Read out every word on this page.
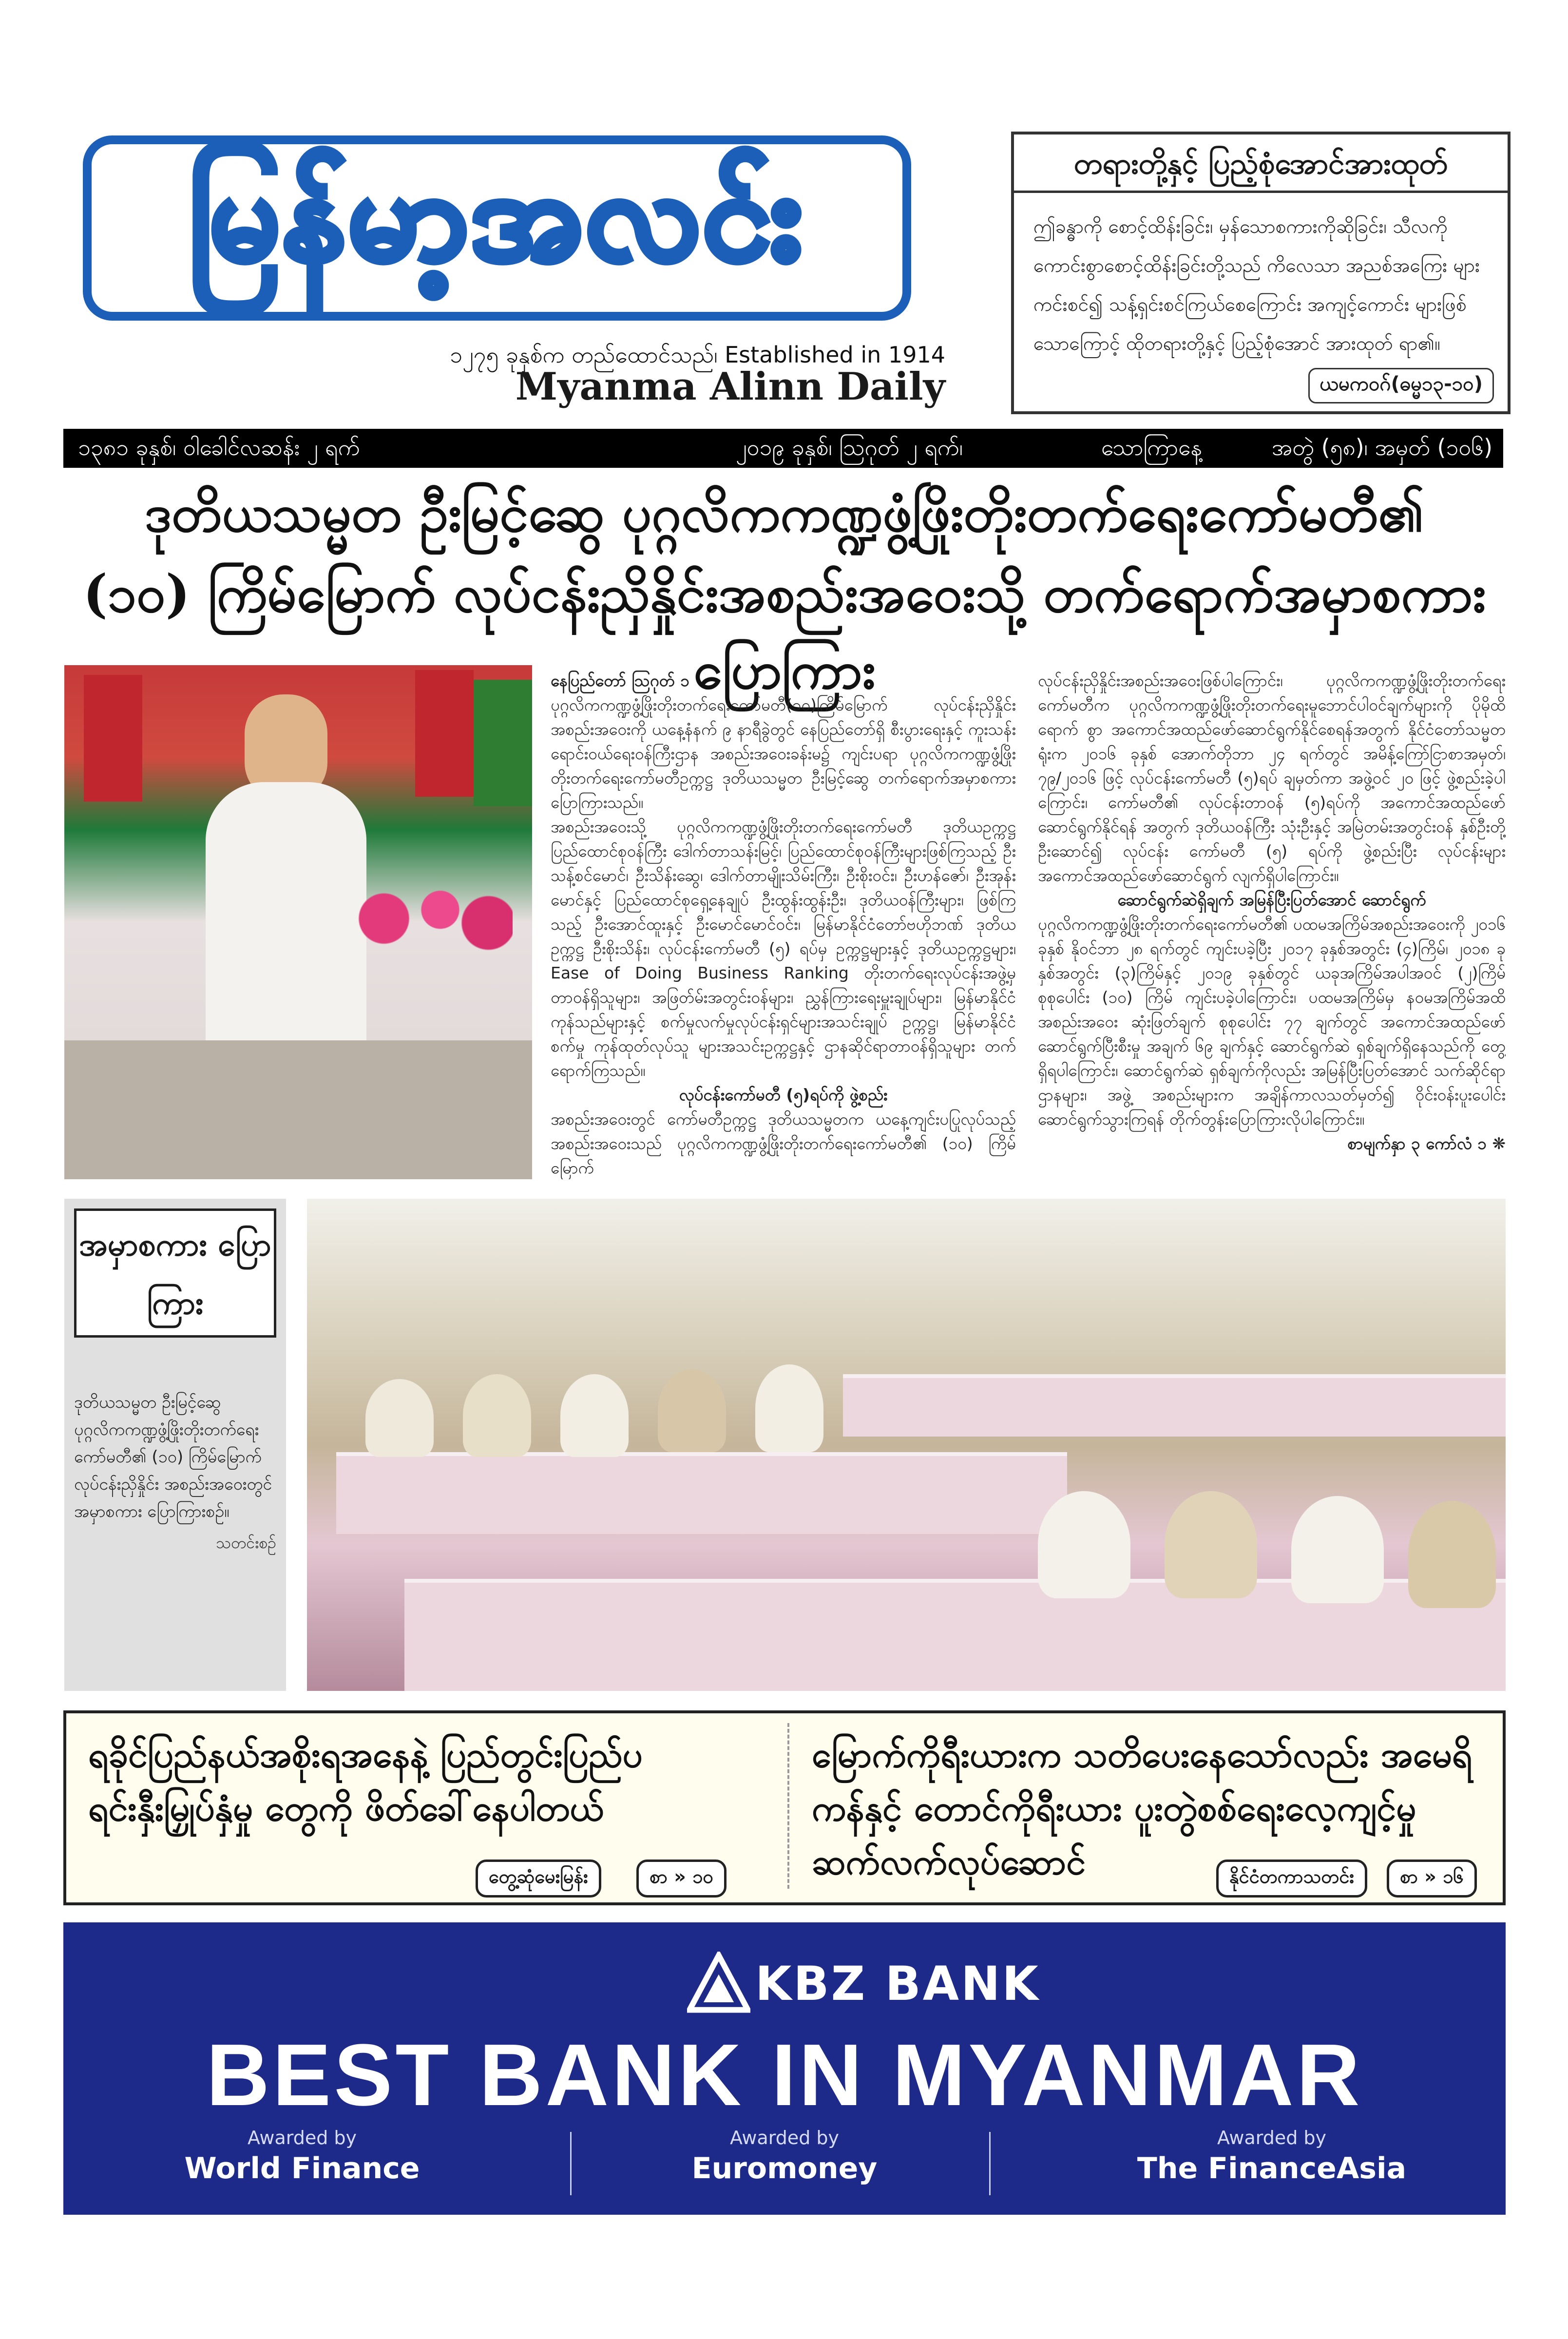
မြန်မာ့အလင်း
၁၂၇၅ ခုနှစ်က တည်ထောင်သည်၊ Established in 1914
Myanma Alinn Daily
တရားတို့နှင့် ပြည့်စုံအောင်အားထုတ်
ဤခန္ဓာကို စောင့်ထိန်းခြင်း၊ မှန်သောစကားကိုဆိုခြင်း၊ သီလကို ကောင်းစွာစောင့်ထိန်းခြင်းတို့သည် ကိလေသာ အညစ်အကြေး များ ကင်းစင်၍ သန့်ရှင်းစင်ကြယ်စေကြောင်း အကျင့်ကောင်း များဖြစ်သောကြောင့် ထိုတရားတို့နှင့် ပြည့်စုံအောင် အားထုတ် ရာ၏။
ယမကဝဂ်(ဓမ္မ၁၃-၁၀)
၁၃၈၁ ခုနှစ်၊ ဝါခေါင်လဆန်း ၂ ရက်	၂၀၁၉ ခုနှစ်၊ ဩဂုတ် ၂ ရက်၊	သောကြာနေ့	အတွဲ (၅၈)၊ အမှတ် (၁၀၆)
ဒုတိယသမ္မတ ဦးမြင့်ဆွေ ပုဂ္ဂလိကကဏ္ဍဖွံ့ဖြိုးတိုးတက်ရေးကော်မတီ၏
(၁၀) ကြိမ်မြောက် လုပ်ငန်းညှိနှိုင်းအစည်းအဝေးသို့ တက်ရောက်အမှာစကား ပြောကြား
နေပြည်တော် ဩဂုတ် ၁
ပုဂ္ဂလိကကဏ္ဍဖွံ့ဖြိုးတိုးတက်ရေးကော်မတီ(၁၀)ကြိမ်မြောက် လုပ်ငန်းညှိနှိုင်း အစည်းအဝေးကို ယနေ့နံနက် ၉ နာရီခွဲတွင် နေပြည်တော်ရှိ စီးပွားရေးနှင့် ကူးသန်း ရောင်းဝယ်ရေးဝန်ကြီးဌာန အစည်းအဝေးခန်းမ၌ ကျင်းပရာ ပုဂ္ဂလိကကဏ္ဍဖွံ့ဖြိုး တိုးတက်ရေးကော်မတီဥက္ကဋ္ဌ ဒုတိယသမ္မတ ဦးမြင့်ဆွေ တက်ရောက်အမှာစကား ပြောကြားသည်။
အစည်းအဝေးသို့ ပုဂ္ဂလိကကဏ္ဍဖွံ့ဖြိုးတိုးတက်ရေးကော်မတီ ဒုတိယဥက္ကဋ္ဌ ပြည်ထောင်စုဝန်ကြီး ဒေါက်တာသန်းမြင့်၊ ပြည်ထောင်စုဝန်ကြီးများဖြစ်ကြသည့် ဦးသန့်စင်မောင်၊ ဦးသိန်းဆွေ၊ ဒေါက်တာမျိုးသိမ်းကြီး၊ ဦးစိုးဝင်း၊ ဦးဟန်ဇော်၊ ဦးအုန်းမောင်နှင့် ပြည်ထောင်စုရှေ့နေချုပ် ဦးထွန်းထွန်းဦး၊ ဒုတိယဝန်ကြီးများ၊ ဖြစ်ကြ သည့် ဦးအောင်ထူးနှင့် ဦးမောင်မောင်ဝင်း၊ မြန်မာနိုင်ငံတော်ဗဟိုဘဏ် ဒုတိယဥက္ကဋ္ဌ ဦးစိုးသိန်း၊ လုပ်ငန်းကော်မတီ (၅) ရပ်မှ ဥက္ကဋ္ဌများနှင့် ဒုတိယဥက္ကဋ္ဌများ၊ Ease of Doing Business Ranking တိုးတက်ရေးလုပ်ငန်းအဖွဲ့မှ တာဝန်ရှိသူများ၊ အဖြတ်မ်းအတွင်းဝန်များ၊ ညွှန်ကြားရေးမှူးချုပ်များ၊ မြန်မာနိုင်ငံ ကုန်သည်များနှင့် စက်မှုလက်မှုလုပ်ငန်းရှင်များအသင်းချုပ် ဥက္ကဋ္ဌ၊ မြန်မာနိုင်ငံစက်မှု ကုန်ထုတ်လုပ်သူ များအသင်းဥက္ကဋ္ဌနှင့် ဌာနဆိုင်ရာတာဝန်ရှိသူများ တက်ရောက်ကြသည်။
လုပ်ငန်းကော်မတီ (၅)ရပ်ကို ဖွဲ့စည်း
အစည်းအဝေးတွင် ကော်မတီဥက္ကဋ္ဌ ဒုတိယသမ္မတက ယနေ့ကျင်းပပြုလုပ်သည့် အစည်းအဝေးသည် ပုဂ္ဂလိကကဏ္ဍဖွံ့ဖြိုးတိုးတက်ရေးကော်မတီ၏ (၁၀) ကြိမ်မြောက်
လုပ်ငန်းညှိနှိုင်းအစည်းအဝေးဖြစ်ပါကြောင်း၊ ပုဂ္ဂလိကကဏ္ဍဖွံ့ဖြိုးတိုးတက်ရေး ကော်မတီက ပုဂ္ဂလိကကဏ္ဍဖွံ့ဖြိုးတိုးတက်ရေးမူဘောင်ပါဝင်ချက်များကို ပိုမိုထိရောက် စွာ အကောင်အထည်ဖော်ဆောင်ရွက်နိုင်စေရန်အတွက် နိုင်ငံတော်သမ္မတရုံးက ၂၀၁၆ ခုနှစ် အောက်တိုဘာ ၂၄ ရက်တွင် အမိန့်ကြော်ငြာစာအမှတ်၊ ၇၉/၂၀၁၆ ဖြင့် လုပ်ငန်းကော်မတီ (၅)ရပ် ချမှတ်ကာ အဖွဲ့ဝင် ၂၀ ဖြင့် ဖွဲ့စည်းခဲ့ပါကြောင်း၊ ကော်မတီ၏ လုပ်ငန်းတာဝန် (၅)ရပ်ကို အကောင်အထည်ဖော်ဆောင်ရွက်နိုင်ရန် အတွက် ဒုတိယဝန်ကြီး သုံးဦးနှင့် အမြဲတမ်းအတွင်းဝန် နှစ်ဦးတို့ ဦးဆောင်၍ လုပ်ငန်း ကော်မတီ (၅) ရပ်ကို ဖွဲ့စည်းပြီး လုပ်ငန်းများ အကောင်အထည်ဖော်ဆောင်ရွက် လျက်ရှိပါကြောင်း။
ဆောင်ရွက်ဆဲရှိချက် အမြန်ပြီးပြတ်အောင် ဆောင်ရွက်
ပုဂ္ဂလိကကဏ္ဍဖွံ့ဖြိုးတိုးတက်ရေးကော်မတီ၏ ပထမအကြိမ်အစည်းအဝေးကို ၂၀၁၆ ခုနှစ် နိုဝင်ဘာ ၂၈ ရက်တွင် ကျင်းပခဲ့ပြီး ၂၀၁၇ ခုနှစ်အတွင်း (၄)ကြိမ်၊ ၂၀၁၈ ခုနှစ်အတွင်း (၃)ကြိမ်နှင့် ၂၀၁၉ ခုနှစ်တွင် ယခုအကြိမ်အပါအဝင် (၂)ကြိမ် စုစုပေါင်း (၁၀) ကြိမ် ကျင်းပခဲ့ပါကြောင်း၊ ပထမအကြိမ်မှ နဝမအကြိမ်အထိ အစည်းအဝေး ဆုံးဖြတ်ချက် စုစုပေါင်း ၇၇ ချက်တွင် အကောင်အထည်ဖော် ဆောင်ရွက်ပြီးစီးမှု အချက် ၆၉ ချက်နှင့် ဆောင်ရွက်ဆဲ ရှစ်ချက်ရှိနေသည်ကို တွေ့ရှိရပါကြောင်း၊ ဆောင်ရွက်ဆဲ ရှစ်ချက်ကိုလည်း အမြန်ပြီးပြတ်အောင် သက်ဆိုင်ရာဌာနများ၊ အဖွဲ့ အစည်းများက အချိန်ကာလသတ်မှတ်၍ ဝိုင်းဝန်းပူးပေါင်းဆောင်ရွက်သွားကြရန် တိုက်တွန်းပြောကြားလိုပါကြောင်း။
စာမျက်နှာ ၃ ကော်လံ ၁ ❋
အမှာစကား ပြောကြား
ဒုတိယသမ္မတ ဦးမြင့်ဆွေ ပုဂ္ဂလိကကဏ္ဍဖွံ့ဖြိုးတိုးတက်ရေးကော်မတီ၏ (၁၀) ကြိမ်မြောက် လုပ်ငန်းညှိနှိုင်း အစည်းအဝေးတွင် အမှာစကား ပြောကြားစဉ်။
သတင်းစဉ်
ရခိုင်ပြည်နယ်အစိုးရအနေနဲ့ ပြည်တွင်းပြည်ပရင်းနှီးမြှုပ်နှံမှု တွေကို ဖိတ်ခေါ်နေပါတယ်
တွေ့ဆုံမေးမြန်း	စာ » ၁၀
မြောက်ကိုရီးယားက သတိပေးနေသော်လည်း အမေရိကန်နှင့် တောင်ကိုရီးယား ပူးတွဲစစ်ရေးလေ့ကျင့်မှု ဆက်လက်လုပ်ဆောင်	နိုင်ငံတကာသတင်း	စာ » ၁၆
KBZ BANK
BEST BANK IN MYANMAR
Awarded by
World Finance
Awarded by
Euromoney
Awarded by
The FinanceAsia
